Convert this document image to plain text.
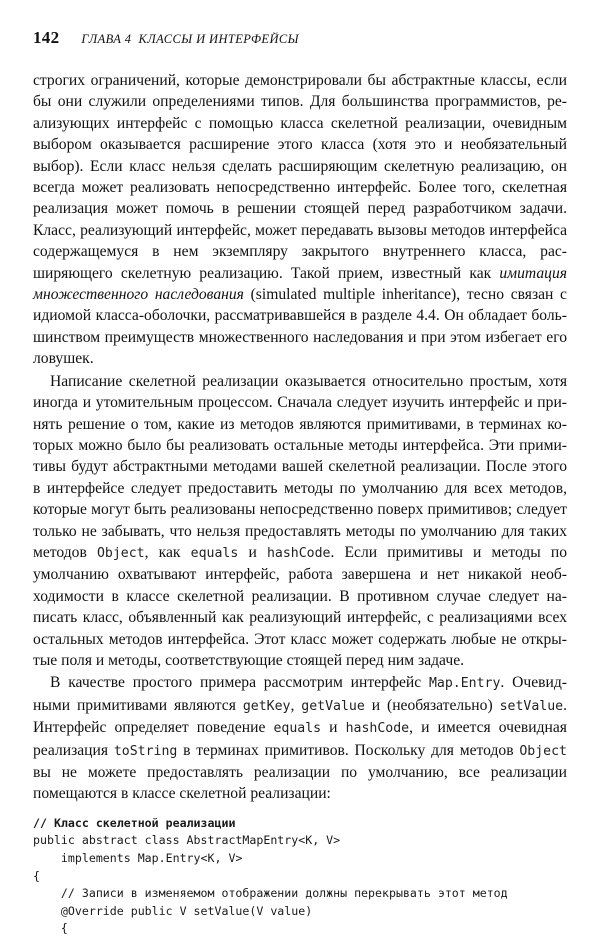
142 ГЛАВА 4 КЛАССЫ И ИНТЕРФЕЙСЫ

строгих ограничений, которые демонстрировали бы абстрактные классы, если бы они служили определениями типов. Для большинства программистов, реализующих интерфейс с помощью класса скелетной реализации, очевидным выбором оказывается расширение этого класса (хотя это и необязательный выбор). Если класс нельзя сделать расширяющим скелетную реализацию, он всегда может реализовать непосредственно интерфейс. Более того, скелетная реализация может помочь в решении стоящей перед разработчиком задачи. Класс, реализующий интерфейс, может передавать вызовы методов интерфейса содержащемуся в нем экземпляру закрытого внутреннего класса, расширяющего скелетную реализацию. Такой прием, известный как имитация множественного наследования (simulated multiple inheritance), тесно связан с идиомой класса-оболочки, рассматривавшейся в разделе 4.4. Он обладает большинством преимуществ множественного наследования и при этом избегает его ловушек.

Написание скелетной реализации оказывается относительно простым, хотя иногда и утомительным процессом. Сначала следует изучить интерфейс и принять решение о том, какие из методов являются примитивами, в терминах которых можно было бы реализовать остальные методы интерфейса. Эти примитивы будут абстрактными методами вашей скелетной реализации. После этого в интерфейсе следует предоставить методы по умолчанию для всех методов, которые могут быть реализованы непосредственно поверх примитивов; следует только не забывать, что нельзя предоставлять методы по умолчанию для таких методов Object, как equals и hashCode. Если примитивы и методы по умолчанию охватывают интерфейс, работа завершена и нет никакой необходимости в классе скелетной реализации. В противном случае следует написать класс, объявленный как реализующий интерфейс, с реализациями всех остальных методов интерфейса. Этот класс может содержать любые не открытые поля и методы, соответствующие стоящей перед ним задаче.

В качестве простого примера рассмотрим интерфейс Map.Entry. Очевидными примитивами являются getKey, getValue и (необязательно) setValue. Интерфейс определяет поведение equals и hashCode, и имеется очевидная реализация toString в терминах примитивов. Поскольку для методов Object вы не можете предоставлять реализации по умолчанию, все реализации помещаются в классе скелетной реализации:

// Класс скелетной реализации
public abstract class AbstractMapEntry<K, V>
implements Map.Entry<K, V>
{
// Записи в изменяемом отображении должны перекрывать этот метод
@Override public V setValue(V value)
{
